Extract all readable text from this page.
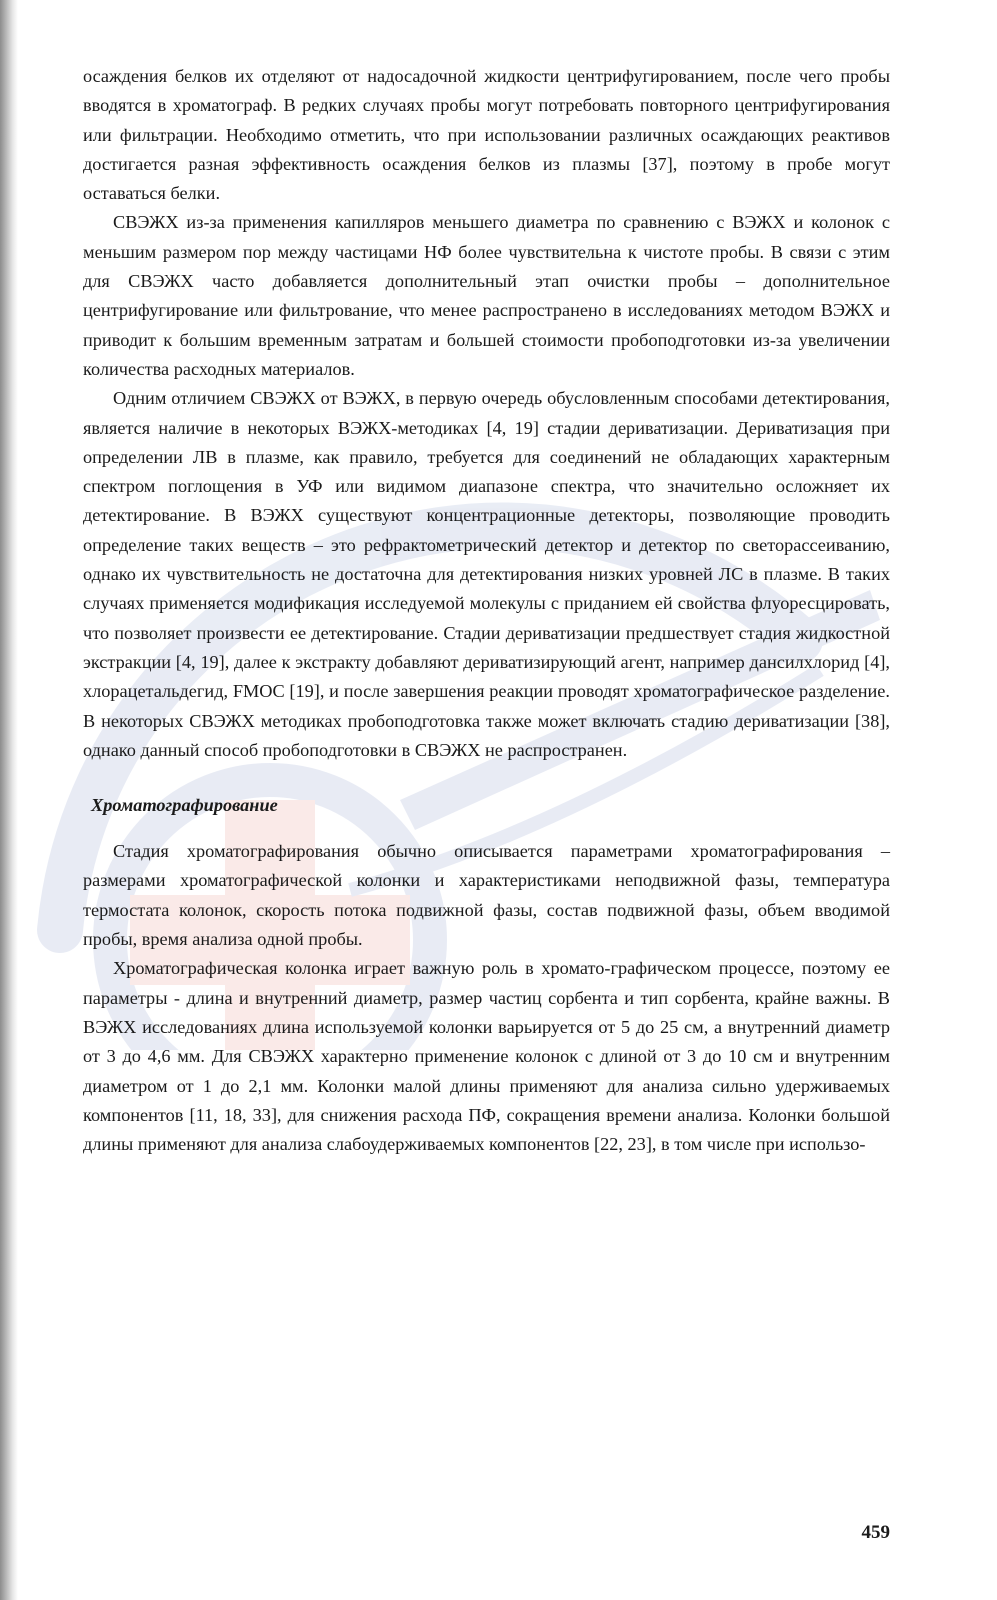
осаждения белков их отделяют от надосадочной жидкости центрифугированием, после чего пробы вводятся в хроматограф. В редких случаях пробы могут потребовать повторного центрифугирования или фильтрации. Необходимо отметить, что при использовании различных осаждающих реактивов достигается разная эффективность осаждения белков из плазмы [37], поэтому в пробе могут оставаться белки.

СВЭЖХ из-за применения капилляров меньшего диаметра по сравнению с ВЭЖХ и колонок с меньшим размером пор между частицами НФ более чувствительна к чистоте пробы. В связи с этим для СВЭЖХ часто добавляется дополнительный этап очистки пробы – дополнительное центрифугирование или фильтрование, что менее распространено в исследованиях методом ВЭЖХ и приводит к большим временным затратам и большей стоимости пробоподготовки из-за увеличении количества расходных материалов.

Одним отличием СВЭЖХ от ВЭЖХ, в первую очередь обусловленным способами детектирования, является наличие в некоторых ВЭЖХ-методиках [4, 19] стадии дериватизации. Дериватизация при определении ЛВ в плазме, как правило, требуется для соединений не обладающих характерным спектром поглощения в УФ или видимом диапазоне спектра, что значительно осложняет их детектирование. В ВЭЖХ существуют концентрационные детекторы, позволяющие проводить определение таких веществ – это рефрактометрический детектор и детектор по светорассеиванию, однако их чувствительность не достаточна для детектирования низких уровней ЛС в плазме. В таких случаях применяется модификация исследуемой молекулы с приданием ей свойства флуоресцировать, что позволяет произвести ее детектирование. Стадии дериватизации предшествует стадия жидкостной экстракции [4, 19], далее к экстракту добавляют дериватизирующий агент, например дансилхлорид [4], хлорацетальдегид, FMOC [19], и после завершения реакции проводят хроматографическое разделение. В некоторых СВЭЖХ методиках пробоподготовка также может включать стадию дериватизации [38], однако данный способ пробоподготовки в СВЭЖХ не распространен.

Хроматографирование

Стадия хроматографирования обычно описывается параметрами хроматографирования – размерами хроматографической колонки и характеристиками неподвижной фазы, температура термостата колонок, скорость потока подвижной фазы, состав подвижной фазы, объем вводимой пробы, время анализа одной пробы.

Хроматографическая колонка играет важную роль в хромато-графическом процессе, поэтому ее параметры - длина и внутренний диаметр, размер частиц сорбента и тип сорбента, крайне важны. В ВЭЖХ исследованиях длина используемой колонки варьируется от 5 до 25 см, а внутренний диаметр от 3 до 4,6 мм. Для СВЭЖХ характерно применение колонок с длиной от 3 до 10 см и внутренним диаметром от 1 до 2,1 мм. Колонки малой длины применяют для анализа сильно удерживаемых компонентов [11, 18, 33], для снижения расхода ПФ, сокращения времени анализа. Колонки большой длины применяют для анализа слабоудерживаемых компонентов [22, 23], в том числе при использо-

459
